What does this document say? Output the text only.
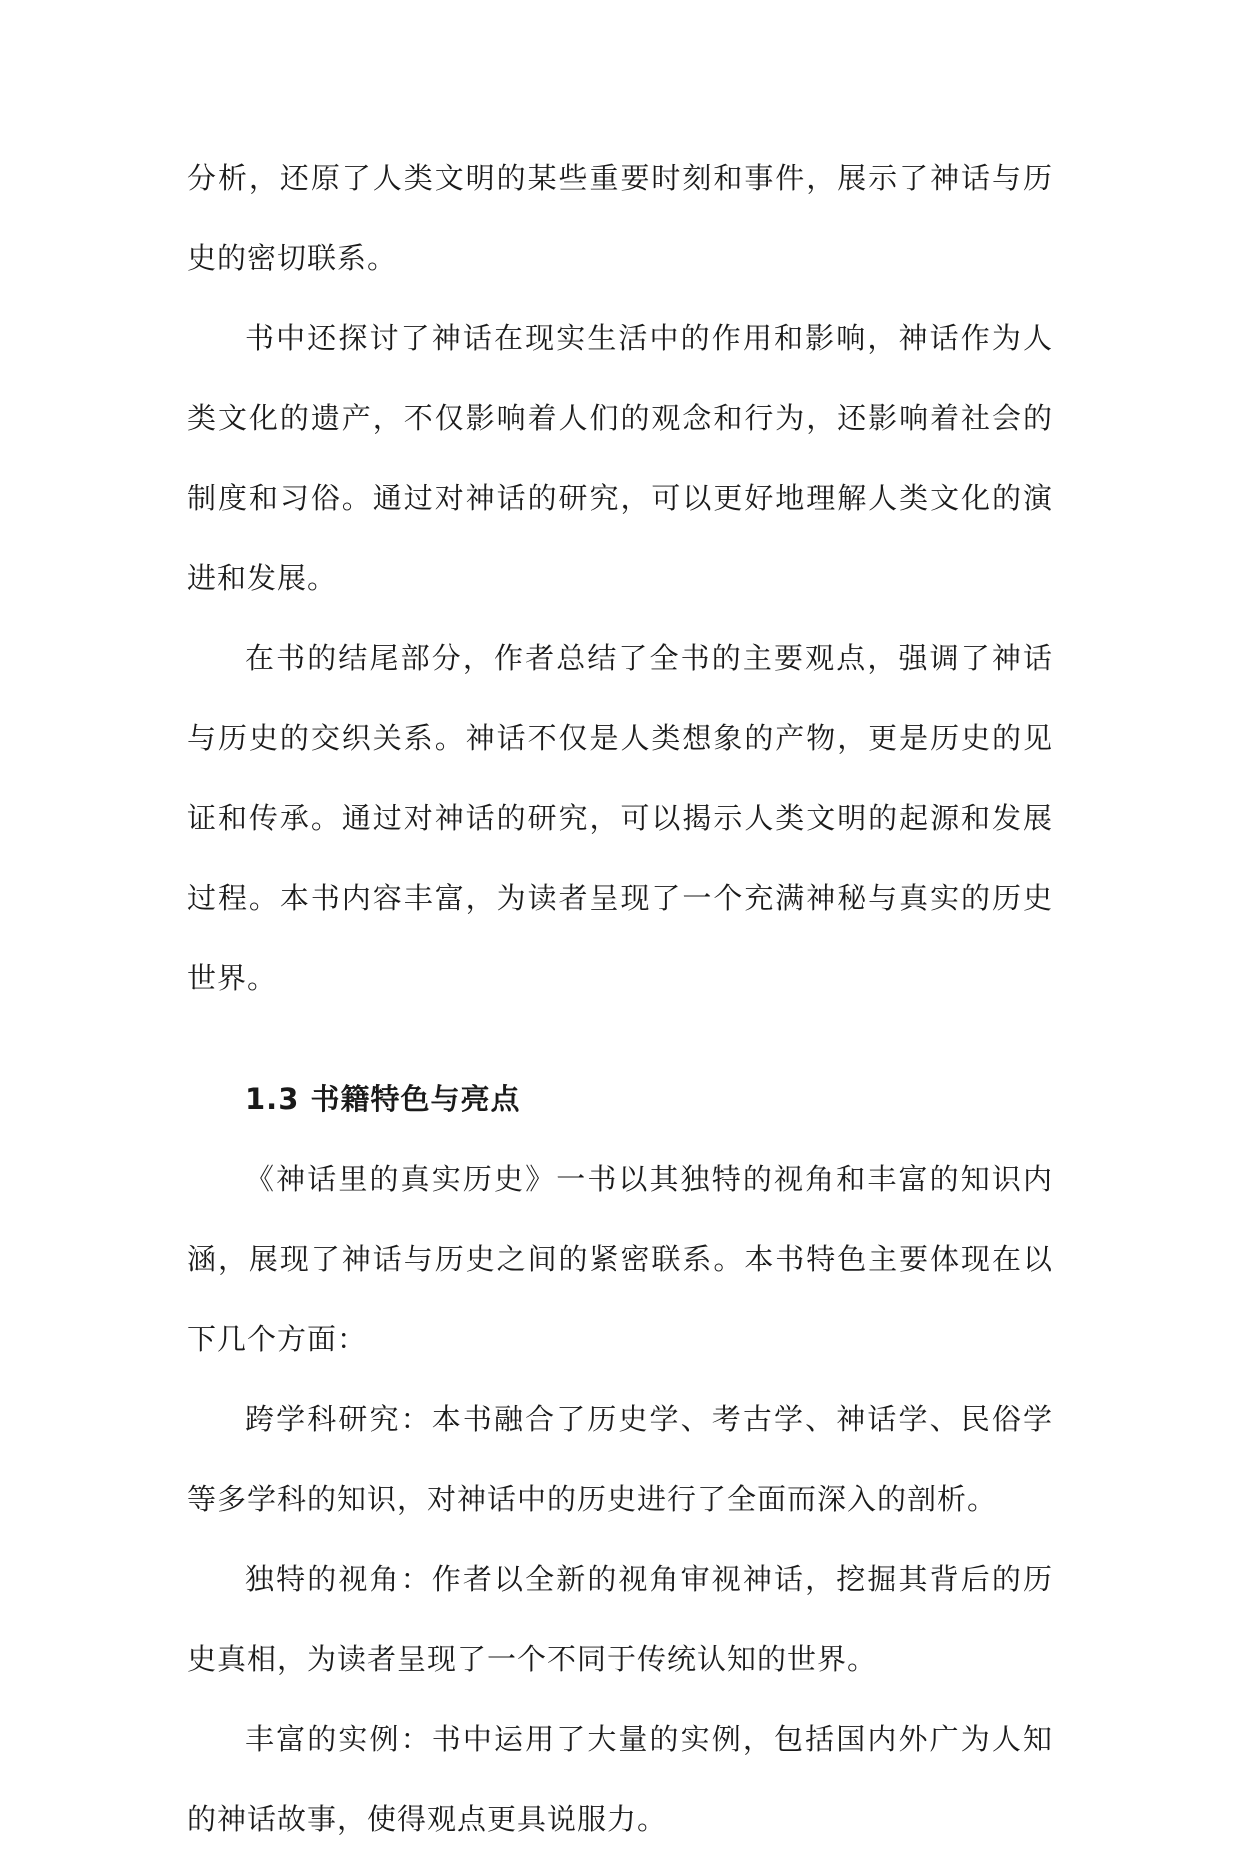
分析，还原了人类文明的某些重要时刻和事件，展示了神话与历史的密切联系。

书中还探讨了神话在现实生活中的作用和影响，神话作为人类文化的遗产，不仅影响着人们的观念和行为，还影响着社会的制度和习俗。通过对神话的研究，可以更好地理解人类文化的演进和发展。

在书的结尾部分，作者总结了全书的主要观点，强调了神话与历史的交织关系。神话不仅是人类想象的产物，更是历史的见证和传承。通过对神话的研究，可以揭示人类文明的起源和发展过程。本书内容丰富，为读者呈现了一个充满神秘与真实的历史世界。

1.3 书籍特色与亮点

《神话里的真实历史》一书以其独特的视角和丰富的知识内涵，展现了神话与历史之间的紧密联系。本书特色主要体现在以下几个方面：

跨学科研究：本书融合了历史学、考古学、神话学、民俗学等多学科的知识，对神话中的历史进行了全面而深入的剖析。

独特的视角：作者以全新的视角审视神话，挖掘其背后的历史真相，为读者呈现了一个不同于传统认知的世界。

丰富的实例：书中运用了大量的实例，包括国内外广为人知的神话故事，使得观点更具说服力。
